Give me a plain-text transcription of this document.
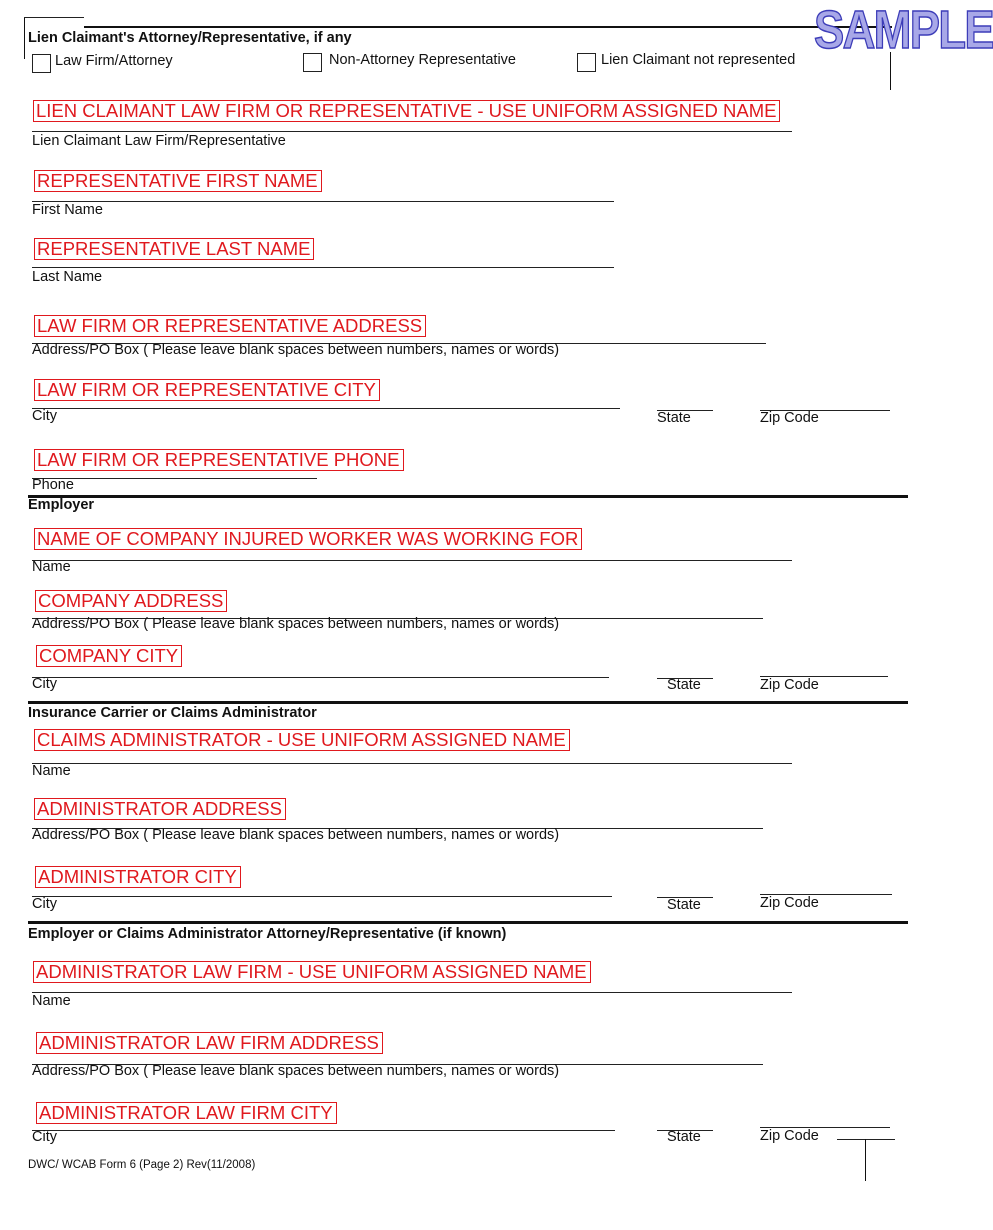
SAMPLE
Lien Claimant's Attorney/Representative, if any
Law Firm/Attorney	Non-Attorney Representative	Lien Claimant not represented
LIEN CLAIMANT LAW FIRM OR REPRESENTATIVE - USE UNIFORM ASSIGNED NAME
Lien Claimant Law Firm/Representative
REPRESENTATIVE FIRST NAME
First Name
REPRESENTATIVE LAST NAME
Last Name
LAW FIRM OR REPRESENTATIVE ADDRESS
Address/PO Box ( Please leave blank spaces between numbers, names or words)
LAW FIRM OR REPRESENTATIVE CITY
City	State	Zip Code
LAW FIRM OR REPRESENTATIVE PHONE
Phone
Employer
NAME OF COMPANY INJURED WORKER WAS WORKING FOR
Name
COMPANY ADDRESS
Address/PO Box ( Please leave blank spaces between numbers, names or words)
COMPANY CITY
City	State	Zip Code
Insurance Carrier or Claims Administrator
CLAIMS ADMINISTRATOR - USE UNIFORM ASSIGNED NAME
Name
ADMINISTRATOR ADDRESS
Address/PO Box ( Please leave blank spaces between numbers, names or words)
ADMINISTRATOR CITY
City	State	Zip Code
Employer or Claims Administrator Attorney/Representative (if known)
ADMINISTRATOR LAW FIRM - USE UNIFORM ASSIGNED NAME
Name
ADMINISTRATOR LAW FIRM ADDRESS
Address/PO Box ( Please leave blank spaces between numbers, names or words)
ADMINISTRATOR LAW FIRM CITY
City	State	Zip Code
DWC/ WCAB Form 6 (Page 2) Rev(11/2008)
